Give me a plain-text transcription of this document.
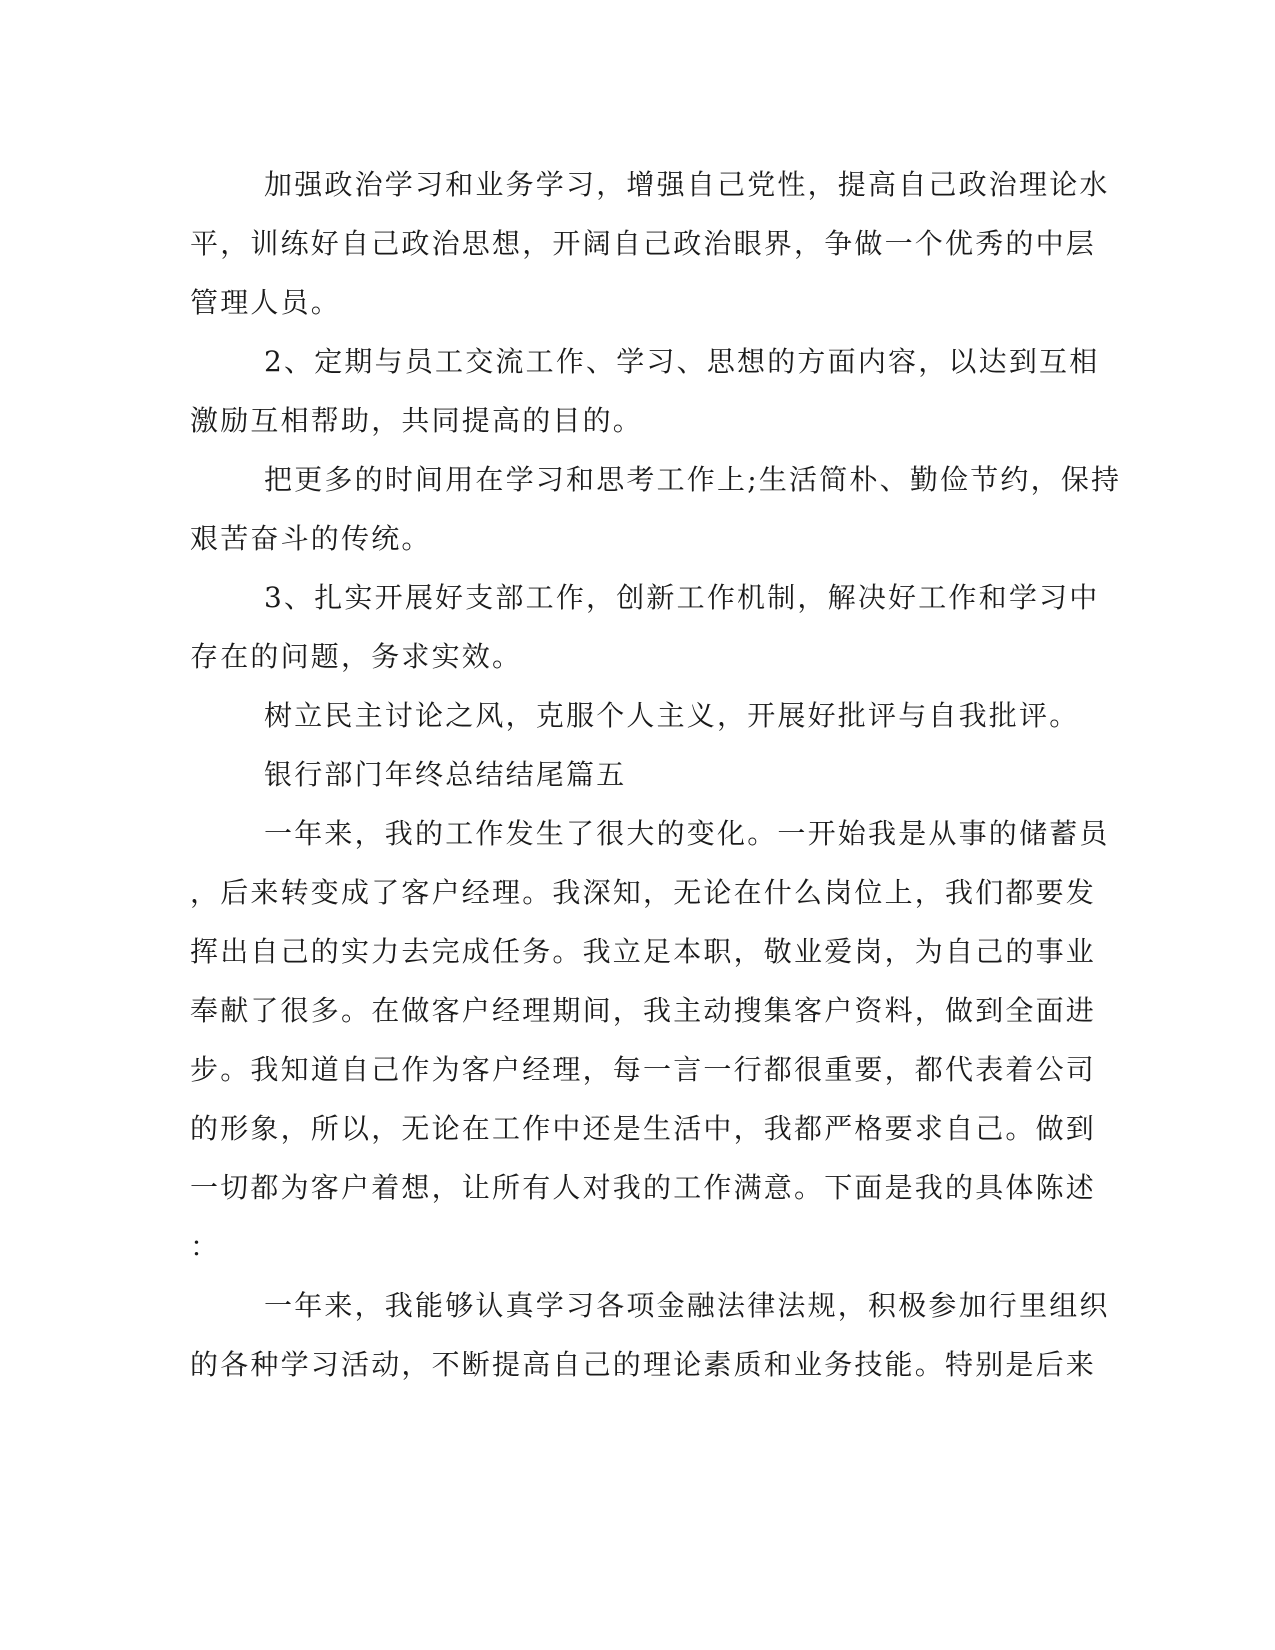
加强政治学习和业务学习，增强自己党性，提高自己政治理论水
平，训练好自己政治思想，开阔自己政治眼界，争做一个优秀的中层
管理人员。
2、定期与员工交流工作、学习、思想的方面内容，以达到互相
激励互相帮助，共同提高的目的。
把更多的时间用在学习和思考工作上;生活简朴、勤俭节约，保持
艰苦奋斗的传统。
3、扎实开展好支部工作，创新工作机制，解决好工作和学习中
存在的问题，务求实效。
树立民主讨论之风，克服个人主义，开展好批评与自我批评。
银行部门年终总结结尾篇五
一年来，我的工作发生了很大的变化。一开始我是从事的储蓄员
，后来转变成了客户经理。我深知，无论在什么岗位上，我们都要发
挥出自己的实力去完成任务。我立足本职，敬业爱岗，为自己的事业
奉献了很多。在做客户经理期间，我主动搜集客户资料，做到全面进
步。我知道自己作为客户经理，每一言一行都很重要，都代表着公司
的形象，所以，无论在工作中还是生活中，我都严格要求自己。做到
一切都为客户着想，让所有人对我的工作满意。下面是我的具体陈述
：
一年来，我能够认真学习各项金融法律法规，积极参加行里组织
的各种学习活动，不断提高自己的理论素质和业务技能。特别是后来
